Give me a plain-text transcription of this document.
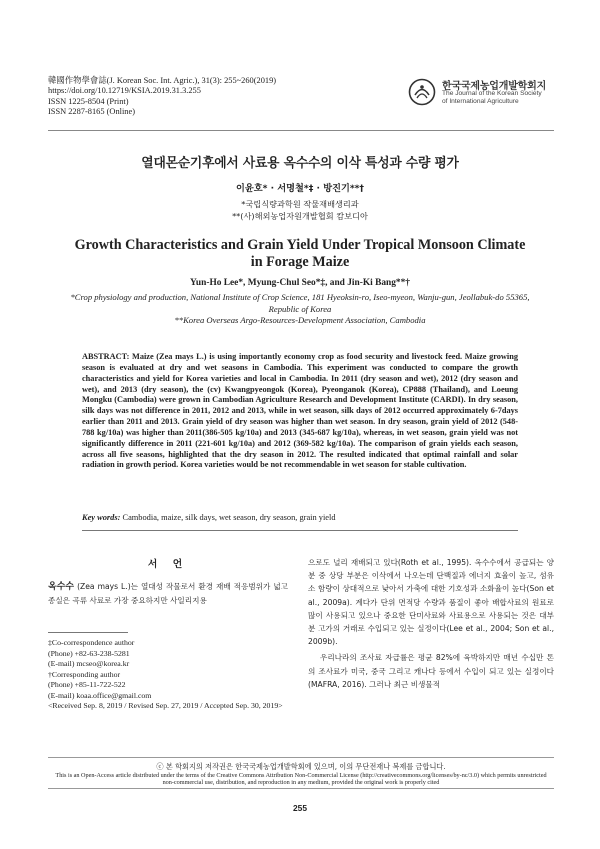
韓國作物學會誌(J. Korean Soc. Int. Agric.), 31(3): 255~260(2019)
https://doi.org/10.12719/KSIA.2019.31.3.255
ISSN 1225-8504 (Print)
ISSN 2287-8165 (Online)
한국국제농업개발학회지
The Journal of the Korean Society
of International Agriculture
열대몬순기후에서 사료용 옥수수의 이삭 특성과 수량 평가
이윤호* · 서명철*‡ · 방진기**†
*국립식량과학원 작물재배생리과
**(사)해외농업자원개발협회 캄보디아
Growth Characteristics and Grain Yield Under Tropical Monsoon Climate
in Forage Maize
Yun-Ho Lee*, Myung-Chul Seo*‡, and Jin-Ki Bang**†
*Crop physiology and production, National Institute of Crop Science, 181 Hyeoksin-ro, Iseo-myeon, Wanju-gun, Jeollabuk-do 55365, Republic of Korea
**Korea Overseas Argo-Resources-Development Association, Cambodia
ABSTRACT: Maize (Zea mays L.) is using importantly economy crop as food security and livestock feed. Maize growing season is evaluated at dry and wet seasons in Cambodia. This experiment was conducted to compare the growth characteristics and yield for Korea varieties and local in Cambodia. In 2011 (dry season and wet), 2012 (dry season and wet), and 2013 (dry season), the (cv) Kwangpyeongok (Korea), Pyeonganok (Korea), CP888 (Thailand), and Loeung Mongku (Cambodia) were grown in Cambodian Agriculture Research and Development Institute (CARDI). In dry season, silk days was not difference in 2011, 2012 and 2013, while in wet season, silk days of 2012 occurred approximately 6-7days earlier than 2011 and 2013. Grain yield of dry season was higher than wet season. In dry season, grain yield of 2012 (548-788 kg/10a) was higher than 2011(386-505 kg/10a) and 2013 (345-687 kg/10a), whereas, in wet season, grain yield was not significantly difference in 2011 (221-601 kg/10a) and 2012 (369-582 kg/10a). The comparison of grain yields each season, across all five seasons, highlighted that the dry season in 2012. The resulted indicated that optimal rainfall and solar radiation in growth period. Korea varieties would be not recommendable in wet season for stable cultivation.
Key words: Cambodia, maize, silk days, wet season, dry season, grain yield
서 언
옥수수 (Zea mays L.)는 열대성 작물로서 환경 재배 적응범위가 넓고 종실은 곡류 사료로 가장 중요하지만 사일리지용

으로도 널리 재배되고 있다(Roth et al., 1995). 옥수수에서 공급되는 양분 중 상당 부분은 이삭에서 나오는데 단백질과 에너지 효율이 높고, 섬유소 함량이 상대적으로 낮아서 가축에 대한 기호성과 소화율이 높다(Son et al., 2009a). 계다가 단위 면적당 수량과 품질이 좋아 배합사료의 원료로 많이 사용되고 있으나 중요한 단미사료와 사료용으로 사용되는 것은 대부분 고가의 거래로 수입되고 있는 실정이다(Lee et al., 2004; Son et al., 2009b).

우리나라의 조사료 자급률은 평균 82%에 육박하지만 매년 수십만 톤의 조사료가 미국, 중국 그리고 캐나다 등에서 수입이 되고 있는 실정이다(MAFRA, 2016). 그러나 최근 비생물적

‡Co-correspondence author
(Phone) +82-63-238-5281
(E-mail) mcseo@korea.kr
†Corresponding author
(Phone) +85-11-722-522
(E-mail) koaa.office@gmail.com
<Received Sep. 8, 2019 / Revised Sep. 27, 2019 / Accepted Sep. 30, 2019>
ⓒ 본 학회지의 저작권은 한국국제농업개발학회에 있으며, 이의 무단전재나 복제를 금합니다.
This is an Open-Access article distributed under the terms of the Creative Commons Attribution Non-Commercial License (http://creativecommons.org/licenses/by-nc/3.0) which permits unrestricted non-commercial use, distribution, and reproduction in any medium, provided the original work is properly cited
255
